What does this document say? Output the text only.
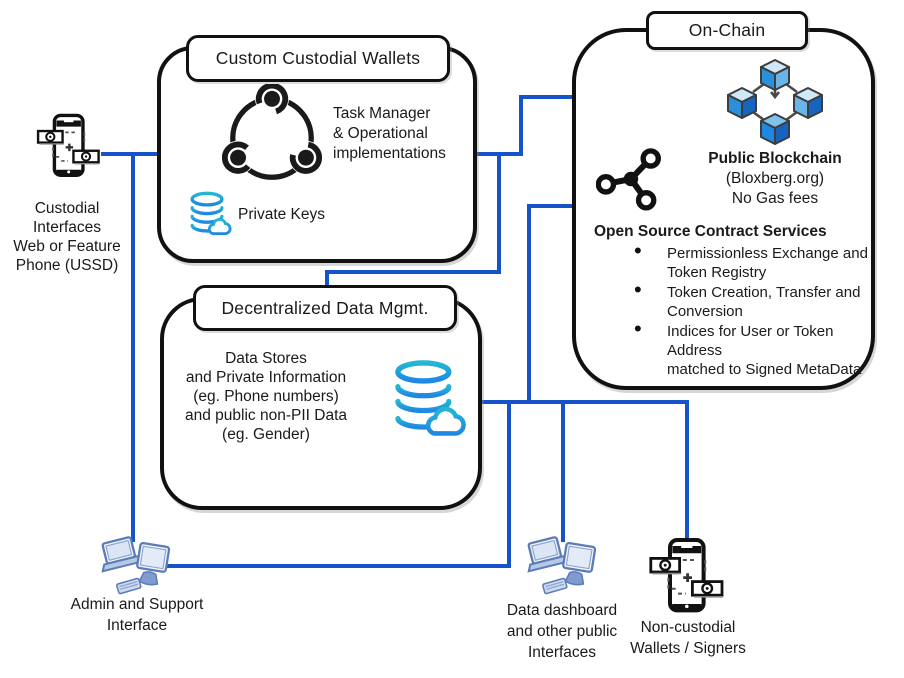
Custom Custodial Wallets
Task Manager
& Operational
implementations
Private Keys
Decentralized Data Mgmt.
Data Stores
and Private Information
(eg. Phone numbers)
and public non-PII Data
(eg. Gender)
On-Chain
Public Blockchain
(Bloxberg.org)
No Gas fees
Open Source Contract Services
• Permissionless Exchange and
Token Registry
• Token Creation, Transfer and
Conversion
• Indices for User or Token Address
matched to Signed MetaData
Custodial
Interfaces
Web or Feature
Phone (USSD)
Admin and Support
Interface
Data dashboard
and other public
Interfaces
Non-custodial
Wallets / Signers
